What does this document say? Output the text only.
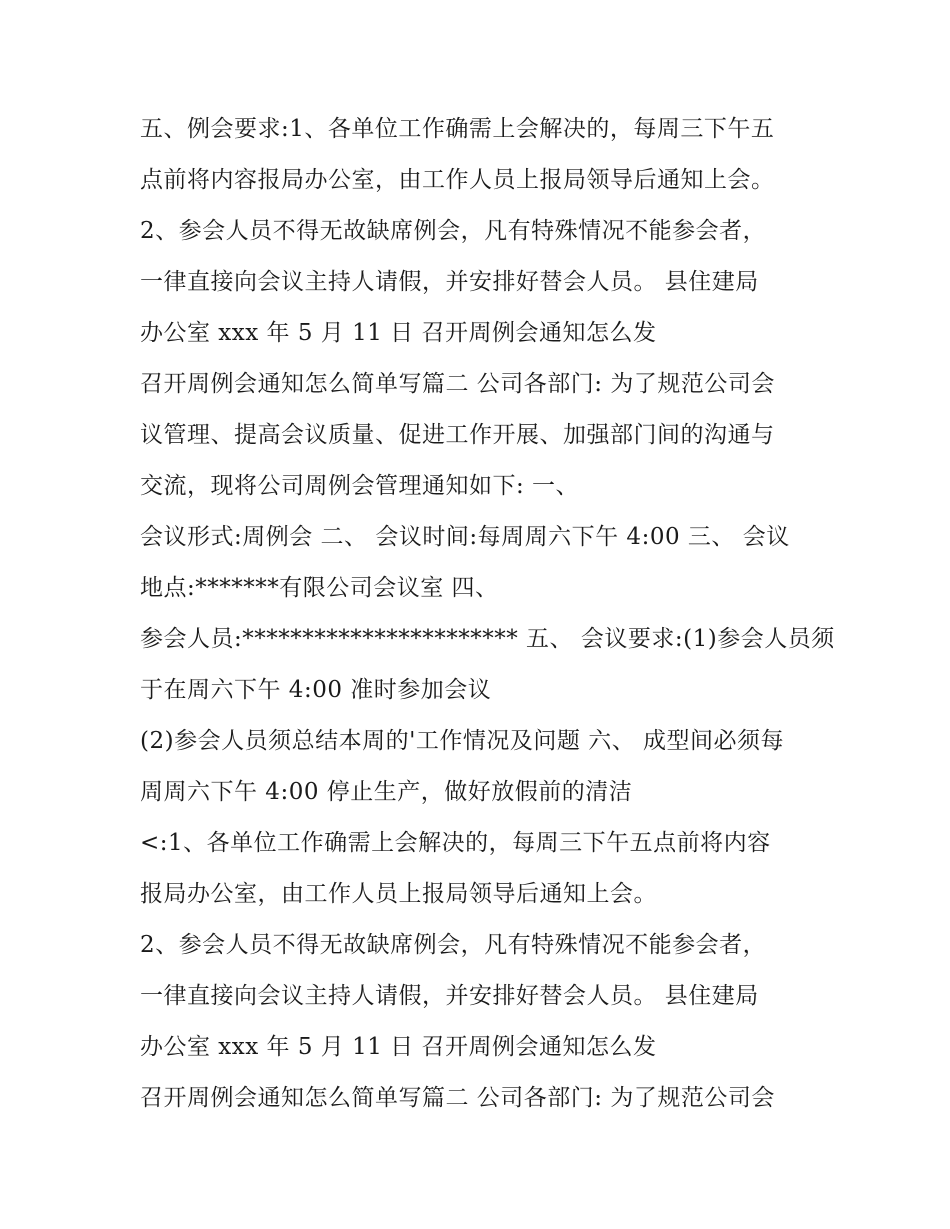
五、例会要求:1、各单位工作确需上会解决的，每周三下午五
点前将内容报局办公室，由工作人员上报局领导后通知上会。
2、参会人员不得无故缺席例会，凡有特殊情况不能参会者，
一律直接向会议主持人请假，并安排好替会人员。 县住建局
办公室 xxx 年 5 月 11 日 召开周例会通知怎么发
召开周例会通知怎么简单写篇二 公司各部门: 为了规范公司会
议管理、提高会议质量、促进工作开展、加强部门间的沟通与
交流，现将公司周例会管理通知如下: 一、
会议形式:周例会 二、 会议时间:每周周六下午 4:00 三、 会议
地点:*******有限公司会议室 四、
参会人员:*********************** 五、 会议要求:(1)参会人员须
于在周六下午 4:00 准时参加会议
(2)参会人员须总结本周的'工作情况及问题 六、 成型间必须每
周周六下午 4:00 停止生产，做好放假前的清洁
<:1、各单位工作确需上会解决的，每周三下午五点前将内容
报局办公室，由工作人员上报局领导后通知上会。
2、参会人员不得无故缺席例会，凡有特殊情况不能参会者，
一律直接向会议主持人请假，并安排好替会人员。 县住建局
办公室 xxx 年 5 月 11 日 召开周例会通知怎么发
召开周例会通知怎么简单写篇二 公司各部门: 为了规范公司会
